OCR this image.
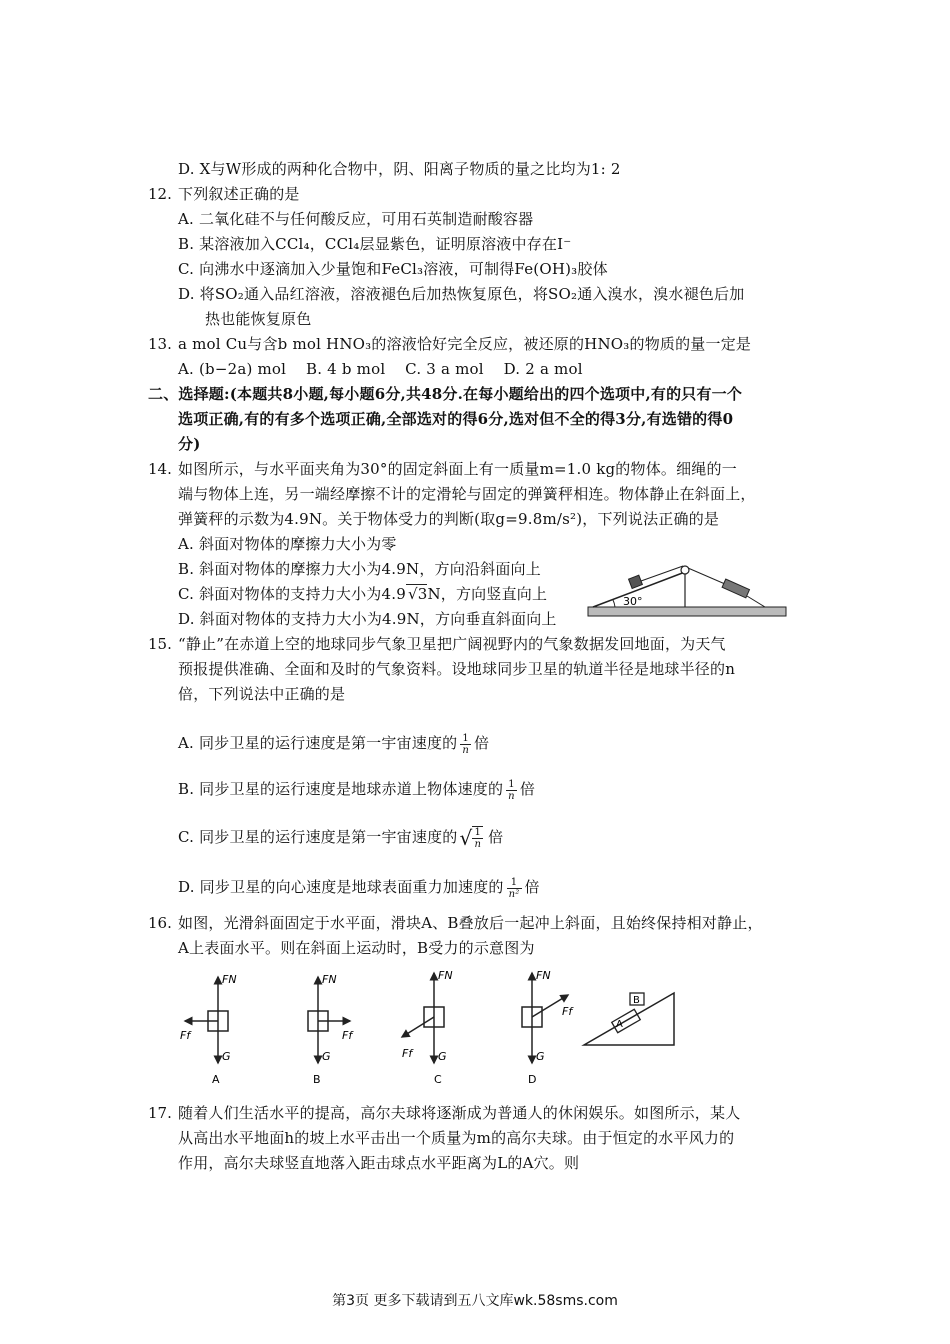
D. X与W形成的两种化合物中，阴、阳离子物质的量之比均为1: 2
12. 下列叙述正确的是
A. 二氧化硅不与任何酸反应，可用石英制造耐酸容器
B. 某溶液加入CCl₄，CCl₄层显紫色，证明原溶液中存在I⁻
C. 向沸水中逐滴加入少量饱和FeCl₃溶液，可制得Fe(OH)₃胶体
D. 将SO₂通入品红溶液，溶液褪色后加热恢复原色，将SO₂通入溴水，溴水褪色后加
热也能恢复原色
13. a mol Cu与含b mol HNO₃的溶液恰好完全反应，被还原的HNO₃的物质的量一定是
A. (b−2a) mol    B. 4 b mol    C. 3 a mol    D. 2 a mol
二、选择题:(本题共8小题,每小题6分,共48分.在每小题给出的四个选项中,有的只有一个
选项正确,有的有多个选项正确,全部选对的得6分,选对但不全的得3分,有选错的得0
分)
14. 如图所示，与水平面夹角为30°的固定斜面上有一质量m=1.0 kg的物体。细绳的一
端与物体上连，另一端经摩擦不计的定滑轮与固定的弹簧秤相连。物体静止在斜面上，
弹簧秤的示数为4.9N。关于物体受力的判断(取g=9.8m/s²)，下列说法正确的是
A. 斜面对物体的摩擦力大小为零
B. 斜面对物体的摩擦力大小为4.9N，方向沿斜面向上
C. 斜面对物体的支持力大小为4.9 √3N，方向竖直向上
D. 斜面对物体的支持力大小为4.9N，方向垂直斜面向上
30°
15. “静止”在赤道上空的地球同步气象卫星把广阔视野内的气象数据发回地面，为天气
预报提供准确、全面和及时的气象资料。设地球同步卫星的轨道半径是地球半径的n
倍，下列说法中正确的是
A. 同步卫星的运行速度是第一宇宙速度的 $\frac{1}{n}$ 倍
B. 同步卫星的运行速度是地球赤道上物体速度的 $\frac{1}{n}$ 倍
C. 同步卫星的运行速度是第一宇宙速度的 √ $\frac{1}{n}$ 倍
D. 同步卫星的向心速度是地球表面重力加速度的 $\frac{1}{\text{n²}}$ 倍
16. 如图，光滑斜面固定于水平面，滑块A、B叠放后一起冲上斜面，且始终保持相对静止，
A上表面水平。则在斜面上运动时，B受力的示意图为
FN
Ff
G
A
FN
Ff
G
B
FN
Ff G
C
FN
Ff
G
D
A
B
17. 随着人们生活水平的提高，高尔夫球将逐渐成为普通人的休闲娱乐。如图所示，某人
从高出水平地面h的坡上水平击出一个质量为m的高尔夫球。由于恒定的水平风力的
作用，高尔夫球竖直地落入距击球点水平距离为L的A穴。则
第3页 更多下载请到五八文库wk.58sms.com
